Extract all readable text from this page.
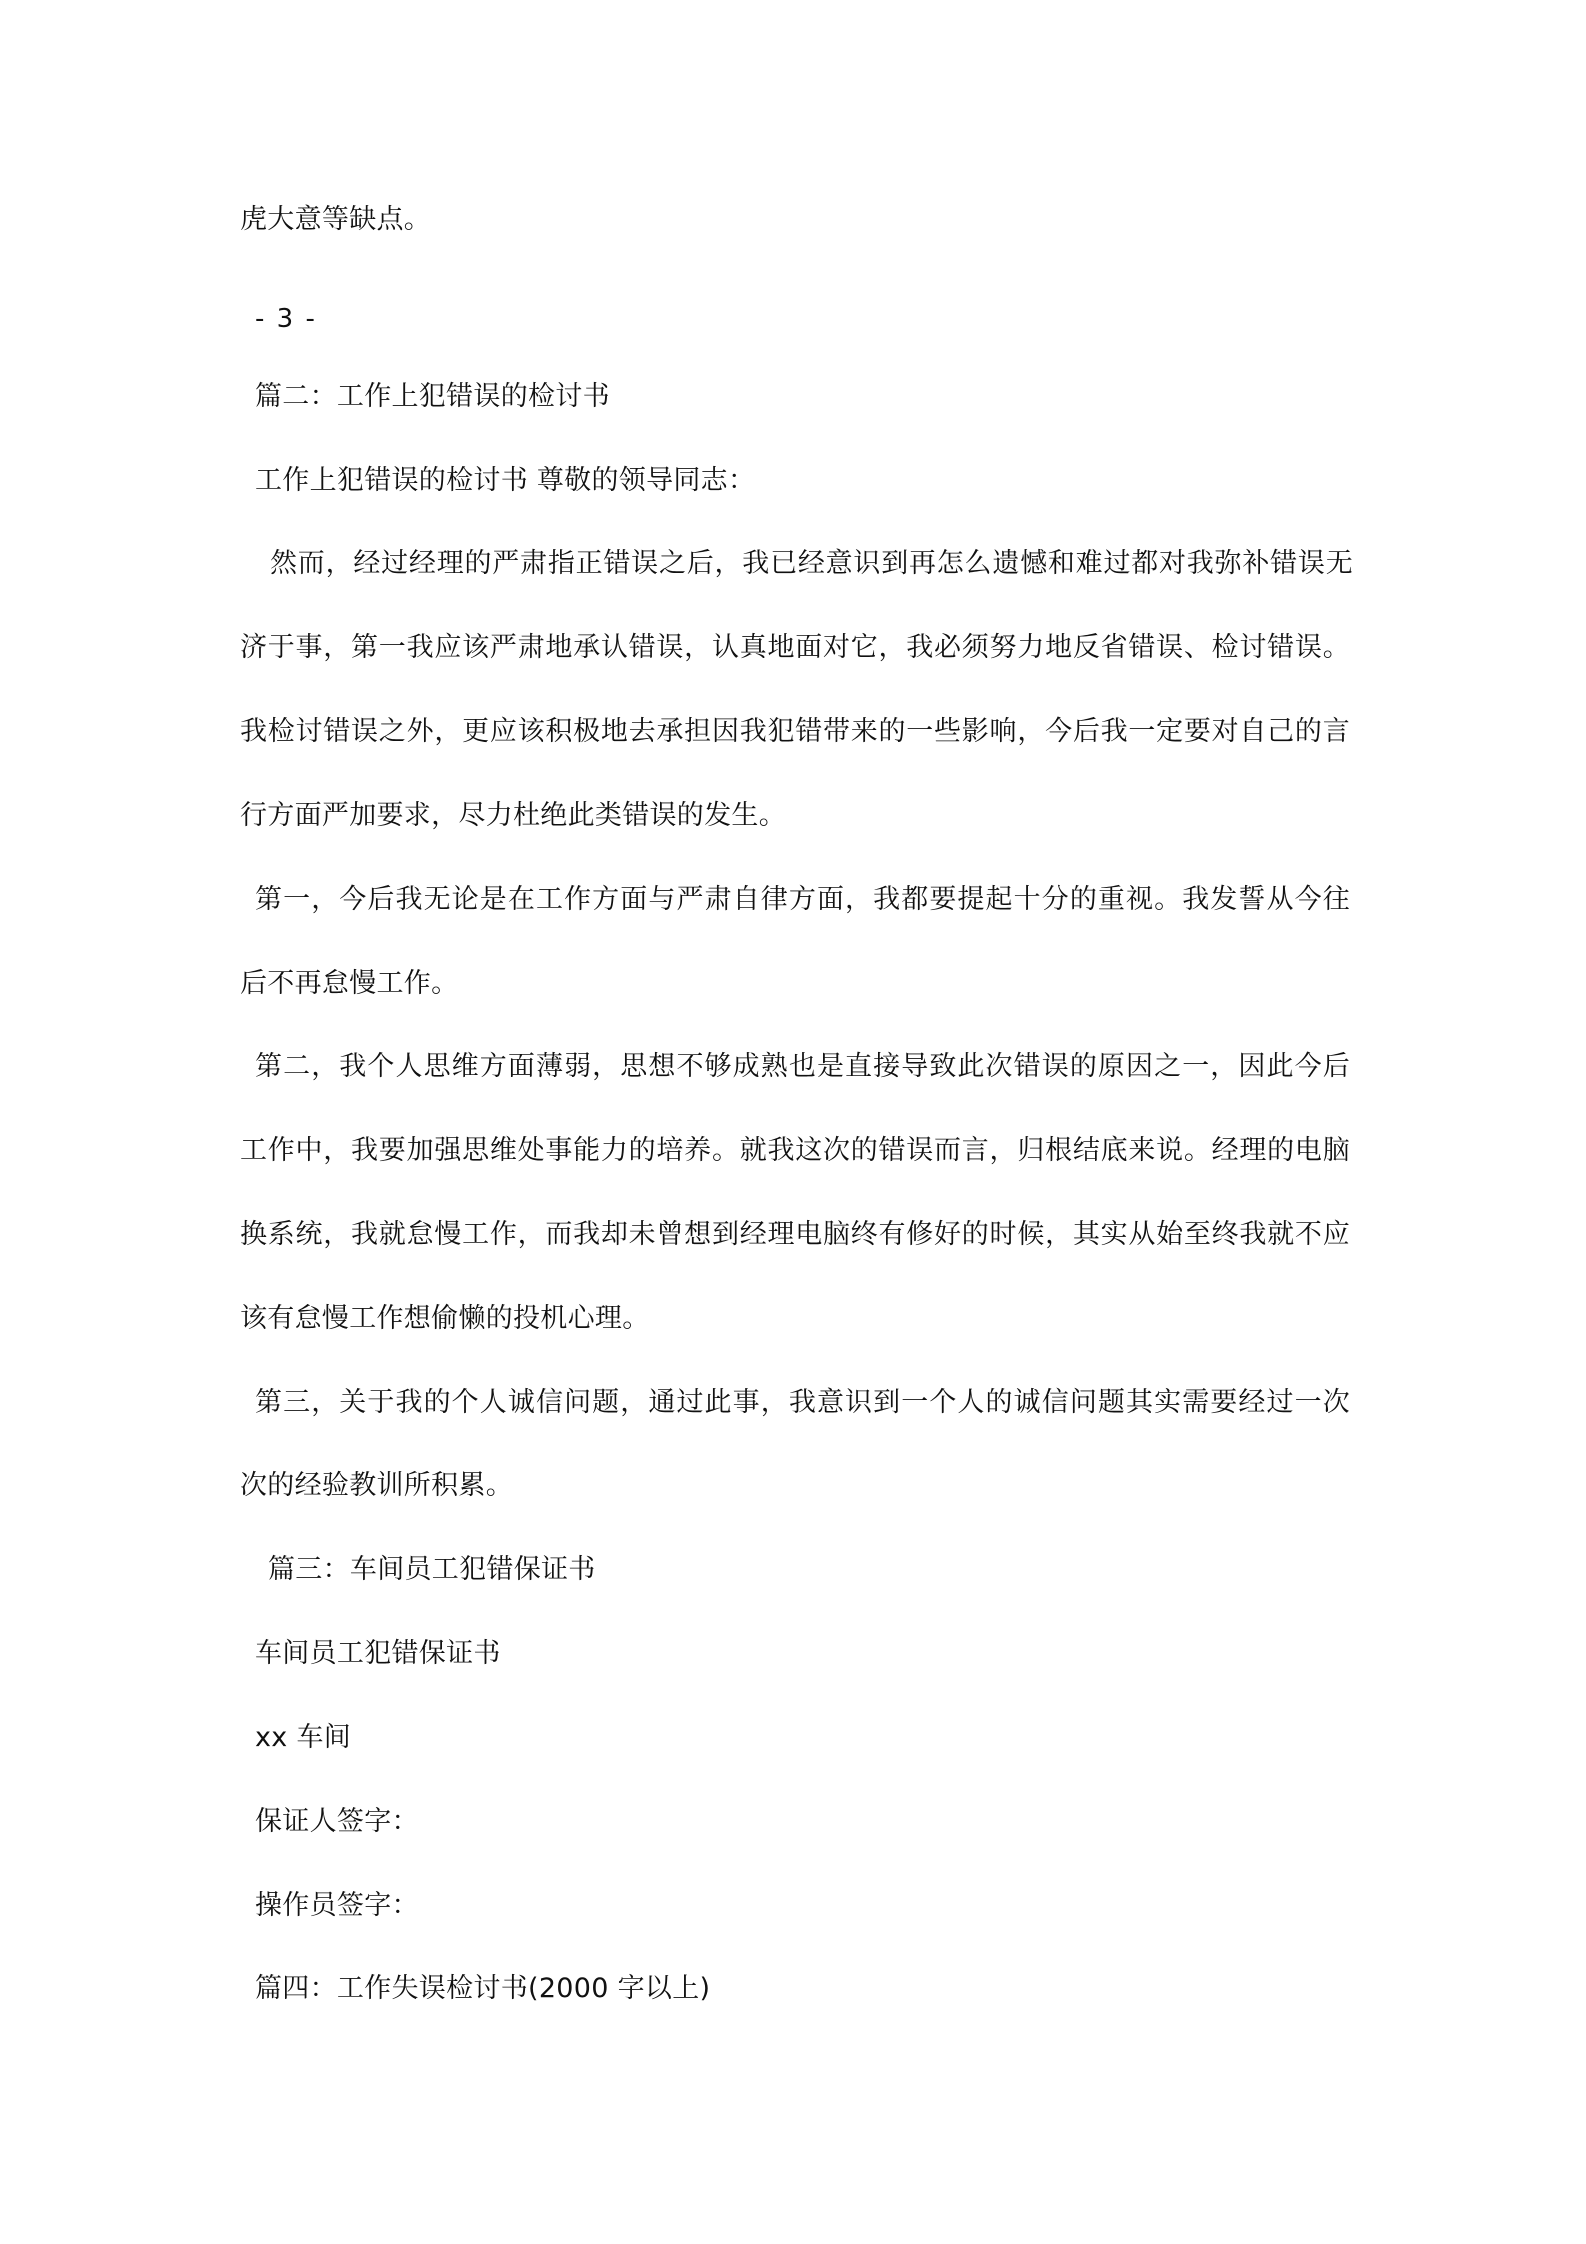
虎大意等缺点。
- 3 -
篇二：工作上犯错误的检讨书
工作上犯错误的检讨书 尊敬的领导同志：
然而，经过经理的严肃指正错误之后，我已经意识到再怎么遗憾和难过都对我弥补错误无
济于事，第一我应该严肃地承认错误，认真地面对它，我必须努力地反省错误、检讨错误。
我检讨错误之外，更应该积极地去承担因我犯错带来的一些影响，今后我一定要对自己的言
行方面严加要求，尽力杜绝此类错误的发生。
第一，今后我无论是在工作方面与严肃自律方面，我都要提起十分的重视。我发誓从今往
后不再怠慢工作。
第二，我个人思维方面薄弱，思想不够成熟也是直接导致此次错误的原因之一，因此今后
工作中，我要加强思维处事能力的培养。就我这次的错误而言，归根结底来说。经理的电脑
换系统，我就怠慢工作，而我却未曾想到经理电脑终有修好的时候，其实从始至终我就不应
该有怠慢工作想偷懒的投机心理。
第三，关于我的个人诚信问题，通过此事，我意识到一个人的诚信问题其实需要经过一次
次的经验教训所积累。
篇三：车间员工犯错保证书
车间员工犯错保证书
xx 车间
保证人签字：
操作员签字：
篇四：工作失误检讨书(2000 字以上)
